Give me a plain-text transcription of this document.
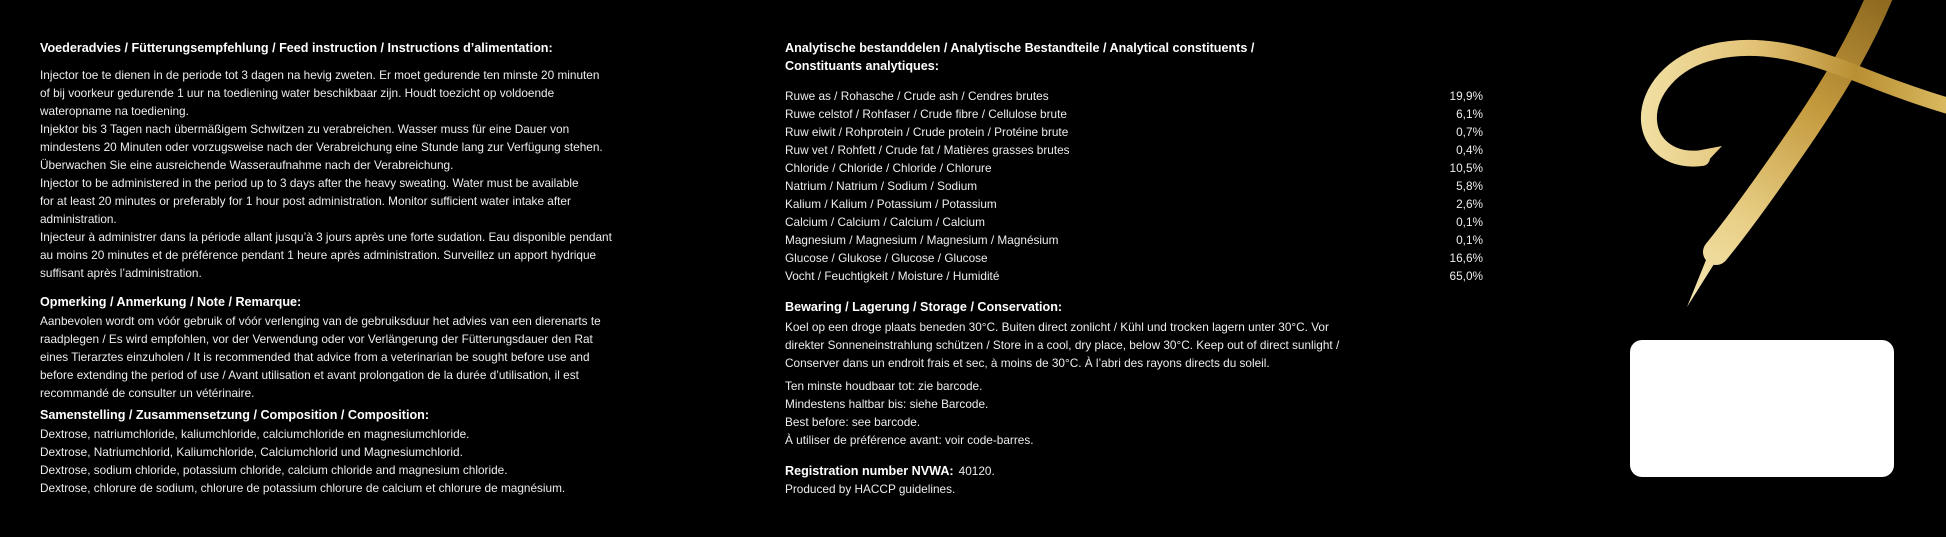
Voederadvies / Fütterungsempfehlung / Feed instruction / Instructions d’alimentation:
Injector toe te dienen in de periode tot 3 dagen na hevig zweten. Er moet gedurende ten minste 20 minuten
of bij voorkeur gedurende 1 uur na toediening water beschikbaar zijn. Houdt toezicht op voldoende
wateropname na toediening.
Injektor bis 3 Tagen nach übermäßigem Schwitzen zu verabreichen. Wasser muss für eine Dauer von
mindestens 20 Minuten oder vorzugsweise nach der Verabreichung eine Stunde lang zur Verfügung stehen.
Überwachen Sie eine ausreichende Wasseraufnahme nach der Verabreichung.
Injector to be administered in the period up to 3 days after the heavy sweating. Water must be available
for at least 20 minutes or preferably for 1 hour post administration. Monitor sufficient water intake after
administration.
Injecteur à administrer dans la période allant jusqu’à 3 jours après une forte sudation. Eau disponible pendant
au moins 20 minutes et de préférence pendant 1 heure après administration. Surveillez un apport hydrique
suffisant après l’administration.
Opmerking / Anmerkung / Note / Remarque:
Aanbevolen wordt om vóór gebruik of vóór verlenging van de gebruiksduur het advies van een dierenarts te
raadplegen / Es wird empfohlen, vor der Verwendung oder vor Verlängerung der Fütterungsdauer den Rat
eines Tierarztes einzuholen / It is recommended that advice from a veterinarian be sought before use and
before extending the period of use / Avant utilisation et avant prolongation de la durée d’utilisation, il est
recommandé de consulter un vétérinaire.
Samenstelling / Zusammensetzung / Composition / Composition:
Dextrose, natriumchloride, kaliumchloride, calciumchloride en magnesiumchloride.
Dextrose, Natriumchlorid, Kaliumchloride, Calciumchlorid und Magnesiumchlorid.
Dextrose, sodium chloride, potassium chloride, calcium chloride and magnesium chloride.
Dextrose, chlorure de sodium, chlorure de potassium chlorure de calcium et chlorure de magnésium.
Analytische bestanddelen / Analytische Bestandteile / Analytical constituents /
Constituants analytiques:
Ruwe as / Rohasche / Crude ash / Cendres brutes	19,9%
Ruwe celstof / Rohfaser / Crude fibre / Cellulose brute	6,1%
Ruw eiwit / Rohprotein / Crude protein / Protéine brute	0,7%
Ruw vet / Rohfett / Crude fat / Matières grasses brutes	0,4%
Chloride / Chloride / Chloride / Chlorure	10,5%
Natrium / Natrium / Sodium / Sodium	5,8%
Kalium / Kalium / Potassium / Potassium	2,6%
Calcium / Calcium / Calcium / Calcium	0,1%
Magnesium / Magnesium / Magnesium / Magnésium	0,1%
Glucose / Glukose / Glucose / Glucose	16,6%
Vocht / Feuchtigkeit / Moisture / Humidité	65,0%
Bewaring / Lagerung / Storage / Conservation:
Koel op een droge plaats beneden 30°C. Buiten direct zonlicht / Kühl und trocken lagern unter 30°C. Vor
direkter Sonneneinstrahlung schützen / Store in a cool, dry place, below 30°C. Keep out of direct sunlight /
Conserver dans un endroit frais et sec, à moins de 30°C. À l’abri des rayons directs du soleil.
Ten minste houdbaar tot: zie barcode.
Mindestens haltbar bis: siehe Barcode.
Best before: see barcode.
À utiliser de préférence avant: voir code-barres.
Registration number NVWA: 40120.
Produced by HACCP guidelines.
